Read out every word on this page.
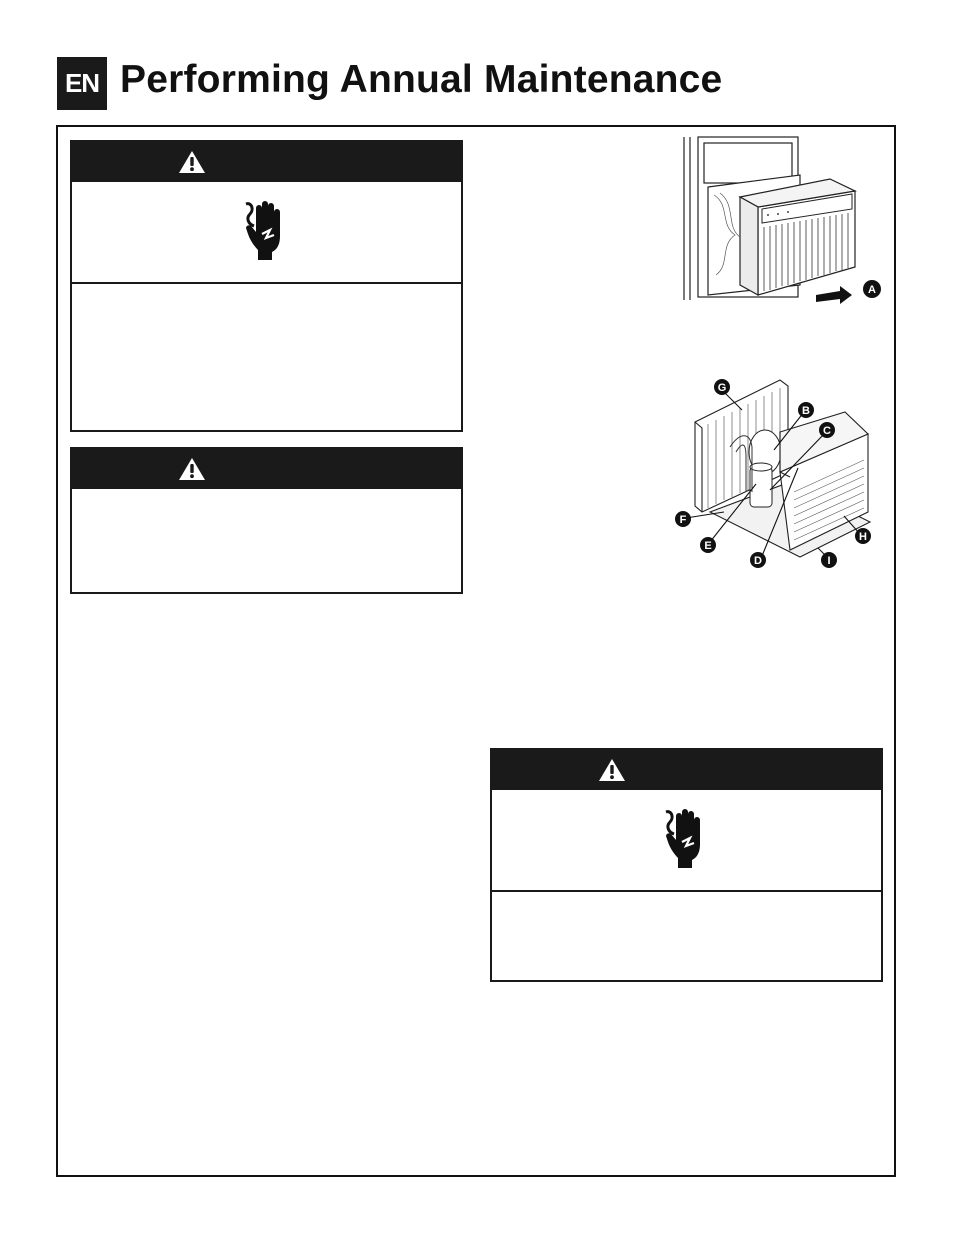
EN Performing Annual Maintenance
A
B
C
D
E
F
G
H
I
